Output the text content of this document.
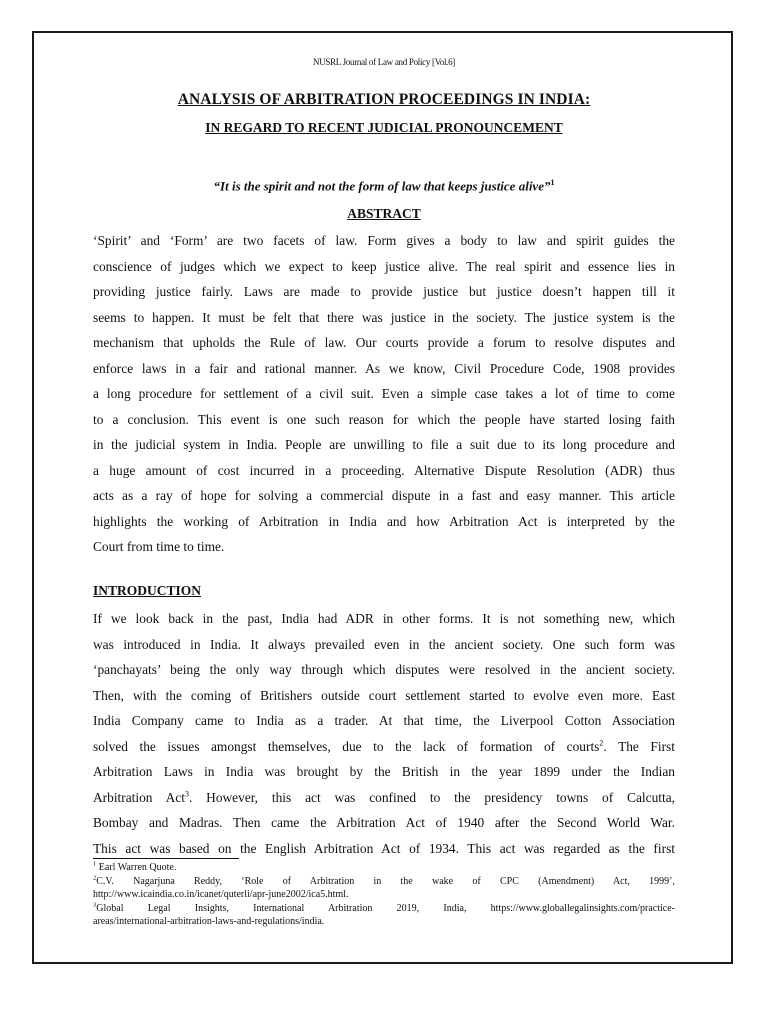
NUSRL Journal of Law and Policy [Vol.6]
ANALYSIS OF ARBITRATION PROCEEDINGS IN INDIA:
IN REGARD TO RECENT JUDICIAL PRONOUNCEMENT
“It is the spirit and not the form of law that keeps justice alive”$^1$
ABSTRACT
‘Spirit’ and ‘Form’ are two facets of law. Form gives a body to law and spirit guides the
conscience of judges which we expect to keep justice alive. The real spirit and essence lies in
providing justice fairly. Laws are made to provide justice but justice doesn’t happen till it
seems to happen. It must be felt that there was justice in the society. The justice system is the
mechanism that upholds the Rule of law. Our courts provide a forum to resolve disputes and
enforce laws in a fair and rational manner. As we know, Civil Procedure Code, 1908 provides
a long procedure for settlement of a civil suit. Even a simple case takes a lot of time to come
to a conclusion. This event is one such reason for which the people have started losing faith
in the judicial system in India. People are unwilling to file a suit due to its long procedure and
a huge amount of cost incurred in a proceeding. Alternative Dispute Resolution (ADR) thus
acts as a ray of hope for solving a commercial dispute in a fast and easy manner. This article
highlights the working of Arbitration in India and how Arbitration Act is interpreted by the
Court from time to time.
INTRODUCTION
If we look back in the past, India had ADR in other forms. It is not something new, which
was introduced in India. It always prevailed even in the ancient society. One such form was
‘panchayats’ being the only way through which disputes were resolved in the ancient society.
Then, with the coming of Britishers outside court settlement started to evolve even more. East
India Company came to India as a trader. At that time, the Liverpool Cotton Association
solved the issues amongst themselves, due to the lack of formation of courts$^2$. The First
Arbitration Laws in India was brought by the British in the year 1899 under the Indian
Arbitration Act$^3$. However, this act was confined to the presidency towns of Calcutta,
Bombay and Madras. Then came the Arbitration Act of 1940 after the Second World War.
This act was based on the English Arbitration Act of 1934. This act was regarded as the first
$^1$ Earl Warren Quote.
$^2$C.V. Nagarjuna Reddy, ‘Role of Arbitration in the wake of CPC (Amendment) Act, 1999’,
http://www.icaindia.co.in/icanet/quterli/apr-june2002/ica5.html.
$^3$Global Legal Insights, International Arbitration 2019, India, https://www.globallegalinsights.com/practice-
areas/international-arbitration-laws-and-regulations/india.
